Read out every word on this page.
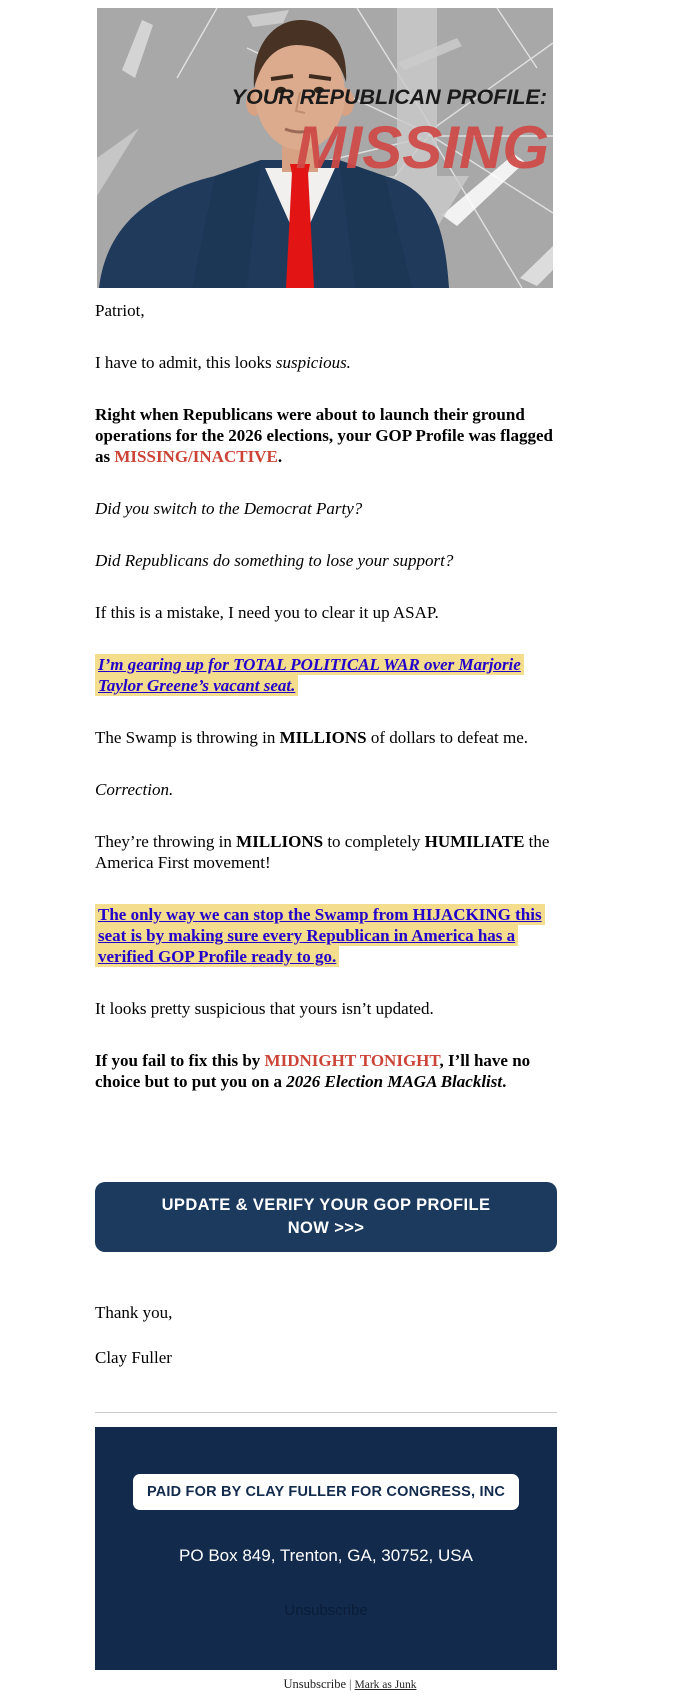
YOUR REPUBLICAN PROFILE:
MISSING

Patriot,

I have to admit, this looks suspicious.

Right when Republicans were about to launch their ground operations for the 2026 elections, your GOP Profile was flagged as MISSING/INACTIVE.

Did you switch to the Democrat Party?

Did Republicans do something to lose your support?

If this is a mistake, I need you to clear it up ASAP.

I’m gearing up for TOTAL POLITICAL WAR over Marjorie Taylor Greene’s vacant seat.

The Swamp is throwing in MILLIONS of dollars to defeat me.

Correction.

They’re throwing in MILLIONS to completely HUMILIATE the America First movement!

The only way we can stop the Swamp from HIJACKING this seat is by making sure every Republican in America has a verified GOP Profile ready to go.

It looks pretty suspicious that yours isn’t updated.

If you fail to fix this by MIDNIGHT TONIGHT, I’ll have no choice but to put you on a 2026 Election MAGA Blacklist.

UPDATE & VERIFY YOUR GOP PROFILE
NOW >>>

Thank you,

Clay Fuller

PAID FOR BY CLAY FULLER FOR CONGRESS, INC

PO Box 849, Trenton, GA, 30752, USA

Unsubscribe

Unsubscribe | Mark as Junk
